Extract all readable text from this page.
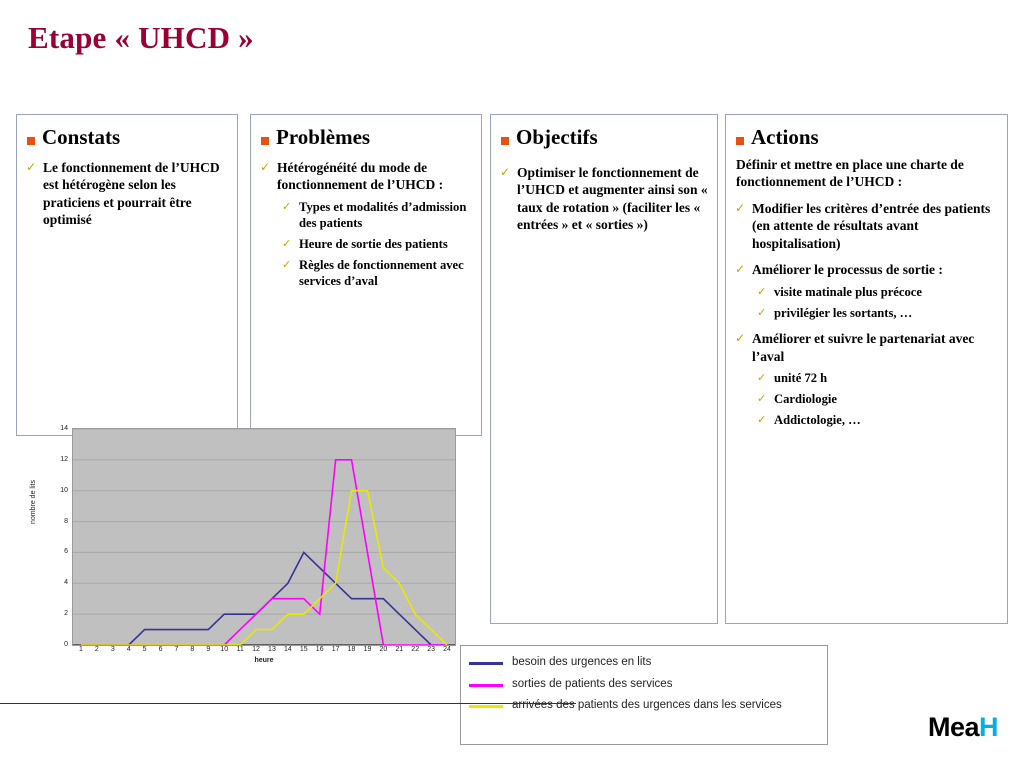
Etape « UHCD »
Constats
✓ Le fonctionnement de l’UHCD est hétérogène selon les praticiens et pourrait être optimisé
Problèmes
✓ Hétérogénéité du mode de fonctionnement de l’UHCD :
✓ Types et modalités d’admission des patients
✓ Heure de sortie des patients
✓ Règles de fonctionnement avec services d’aval
Objectifs
✓ Optimiser le fonctionnement de l’UHCD et augmenter ainsi son « taux de rotation » (faciliter les « entrées » et « sorties »)
Actions
Définir et mettre en place une charte de fonctionnement de l’UHCD :
✓ Modifier les critères d’entrée des patients (en attente de résultats avant hospitalisation)
✓ Améliorer le processus de sortie :
✓ visite matinale plus précoce
✓ privilégier les sortants, …
✓ Améliorer et suivre le partenariat avec l’aval
✓ unité 72 h
✓ Cardiologie
✓ Addictologie, …
nombre de lits
0
2
4
6
8
10
12
14
1 2 3 4 5 6 7 8 9 10 11 12 13 14 15 16 17 18 19 20 21 22 23 24
heure	besoin des urgences en lits
sorties de patients des services
arrivées des patients des urgences dans les services
MeaH
